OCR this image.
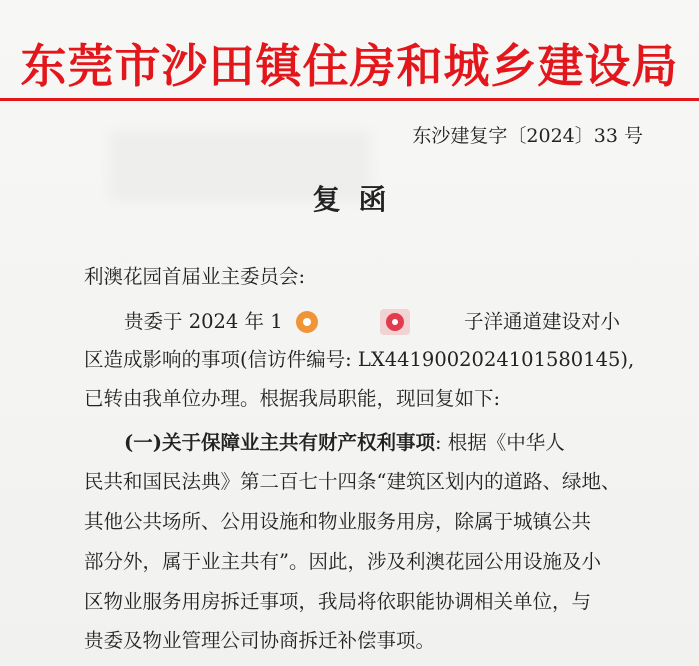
东莞市沙田镇住房和城乡建设局
东沙建复字〔2024〕33 号
复函
利澳花园首届业主委员会:
贵委于 2024 年 1	子洋通道建设对小
区造成影响的事项(信访件编号: LX4419002024101580145),
已转由我单位办理。根据我局职能，现回复如下:
(一)关于保障业主共有财产权利事项: 根据《中华人
民共和国民法典》第二百七十四条“建筑区划内的道路、绿地、
其他公共场所、公用设施和物业服务用房，除属于城镇公共
部分外，属于业主共有”。因此，涉及利澳花园公用设施及小
区物业服务用房拆迁事项，我局将依职能协调相关单位，与
贵委及物业管理公司协商拆迁补偿事项。
